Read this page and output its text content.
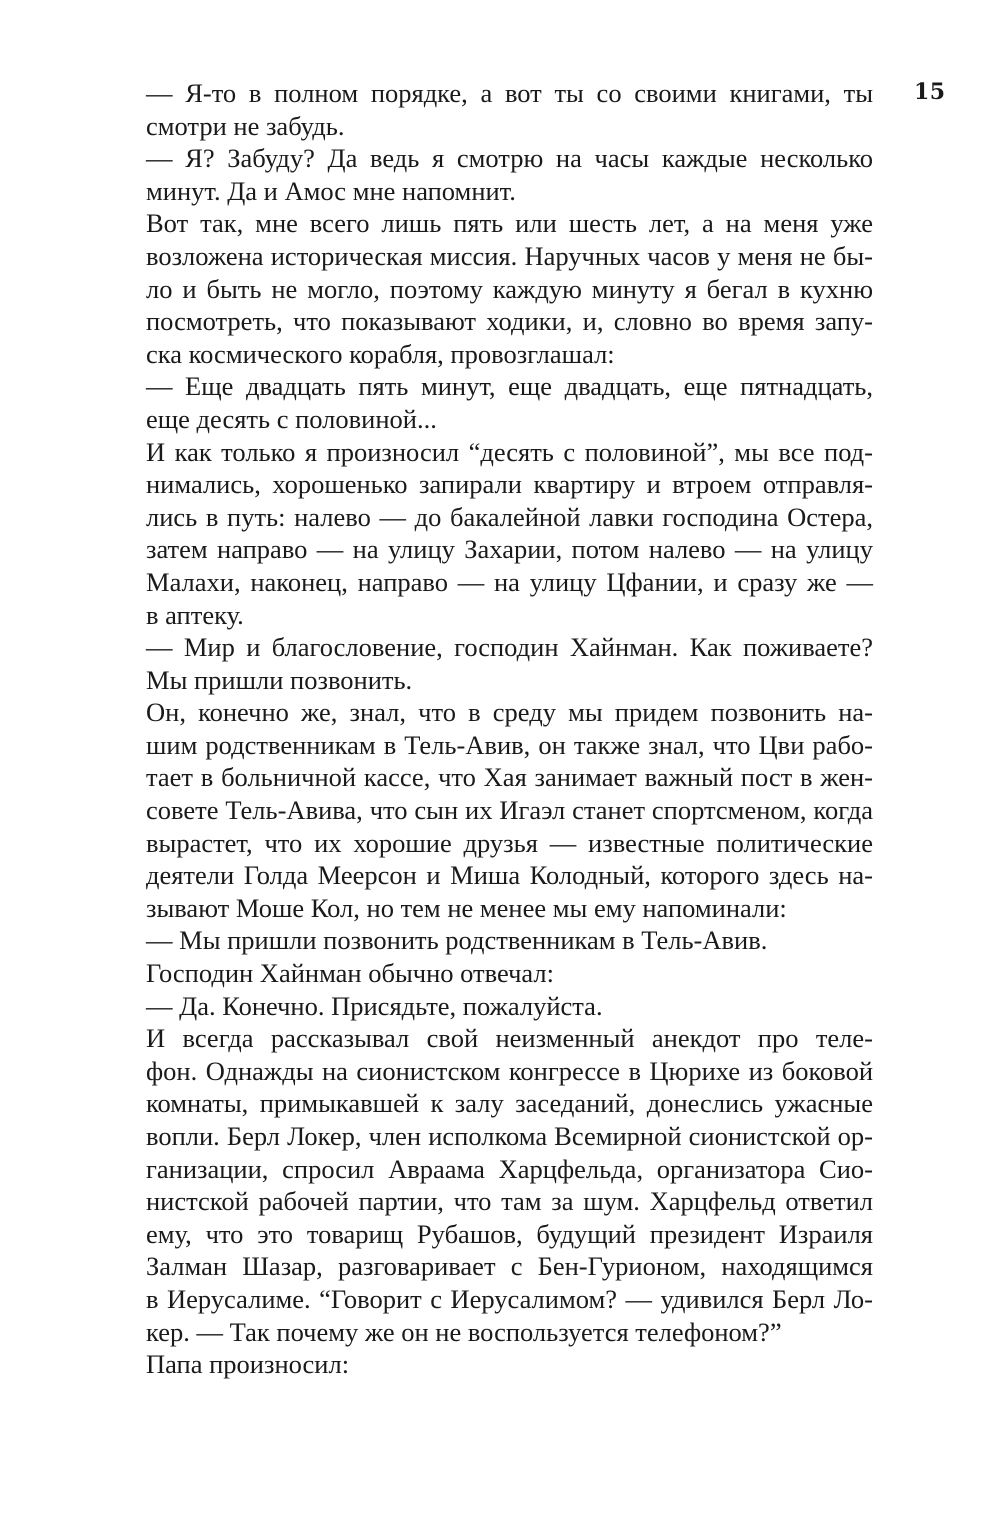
15
— Я-то в полном порядке, а вот ты со своими книгами, ты
смотри не забудь.
— Я? Забуду? Да ведь я смотрю на часы каждые несколько
минут. Да и Амос мне напомнит.
Вот так, мне всего лишь пять или шесть лет, а на меня уже
возложена историческая миссия. Наручных часов у меня не бы-
ло и быть не могло, поэтому каждую минуту я бегал в кухню
посмотреть, что показывают ходики, и, словно во время запу-
ска космического корабля, провозглашал:
— Еще двадцать пять минут, еще двадцать, еще пятнадцать,
еще десять с половиной...
И как только я произносил “десять с половиной”, мы все под-
нимались, хорошенько запирали квартиру и втроем отправля-
лись в путь: налево — до бакалейной лавки господина Остера,
затем направо — на улицу Захарии, потом налево — на улицу
Малахи, наконец, направо — на улицу Цфании, и сразу же —
в аптеку.
— Мир и благословение, господин Хайнман. Как поживаете?
Мы пришли позвонить.
Он, конечно же, знал, что в среду мы придем позвонить на-
шим родственникам в Тель-Авив, он также знал, что Цви рабо-
тает в больничной кассе, что Хая занимает важный пост в жен-
совете Тель-Авива, что сын их Игаэл станет спортсменом, когда
вырастет, что их хорошие друзья — известные политические
деятели Голда Меерсон и Миша Колодный, которого здесь на-
зывают Моше Кол, но тем не менее мы ему напоминали:
— Мы пришли позвонить родственникам в Тель-Авив.
Господин Хайнман обычно отвечал:
— Да. Конечно. Присядьте, пожалуйста.
И всегда рассказывал свой неизменный анекдот про теле-
фон. Однажды на сионистском конгрессе в Цюрихе из боковой
комнаты, примыкавшей к залу заседаний, донеслись ужасные
вопли. Берл Локер, член исполкома Всемирной сионистской ор-
ганизации, спросил Авраама Харцфельда, организатора Сио-
нистской рабочей партии, что там за шум. Харцфельд ответил
ему, что это товарищ Рубашов, будущий президент Израиля
Залман Шазар, разговаривает с Бен-Гурионом, находящимся
в Иерусалиме. “Говорит с Иерусалимом? — удивился Берл Ло-
кер. — Так почему же он не воспользуется телефоном?”
Папа произносил:
